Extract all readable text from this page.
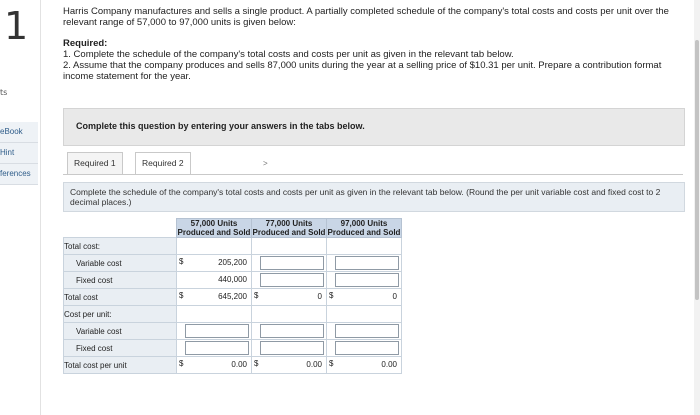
1
ts
eBook
Hint
ferences

Harris Company manufactures and sells a single product. A partially completed schedule of the company's total costs and costs per unit over the relevant range of 57,000 to 97,000 units is given below:

Required:

1. Complete the schedule of the company's total costs and costs per unit as given in the relevant tab below.

2. Assume that the company produces and sells 87,000 units during the year at a selling price of $10.31 per unit. Prepare a contribution format income statement for the year.

Complete this question by entering your answers in the tabs below.
Required 1	Required 2	>
Complete the schedule of the company's total costs and costs per unit as given in the relevant tab below. (Round the per unit variable cost and fixed cost to 2 decimal places.)
	57,000 Units Produced and Sold	77,000 Units Produced and Sold	97,000 Units Produced and Sold
Total cost:			
Variable cost	$ 205,200		

Fixed cost	440,000		

Total cost	$ 645,200	$ 0	$ 0

Cost per unit:			
Variable cost	

Fixed cost	

Total cost per unit	$ 0.00	$ 0.00	$ 0.00
